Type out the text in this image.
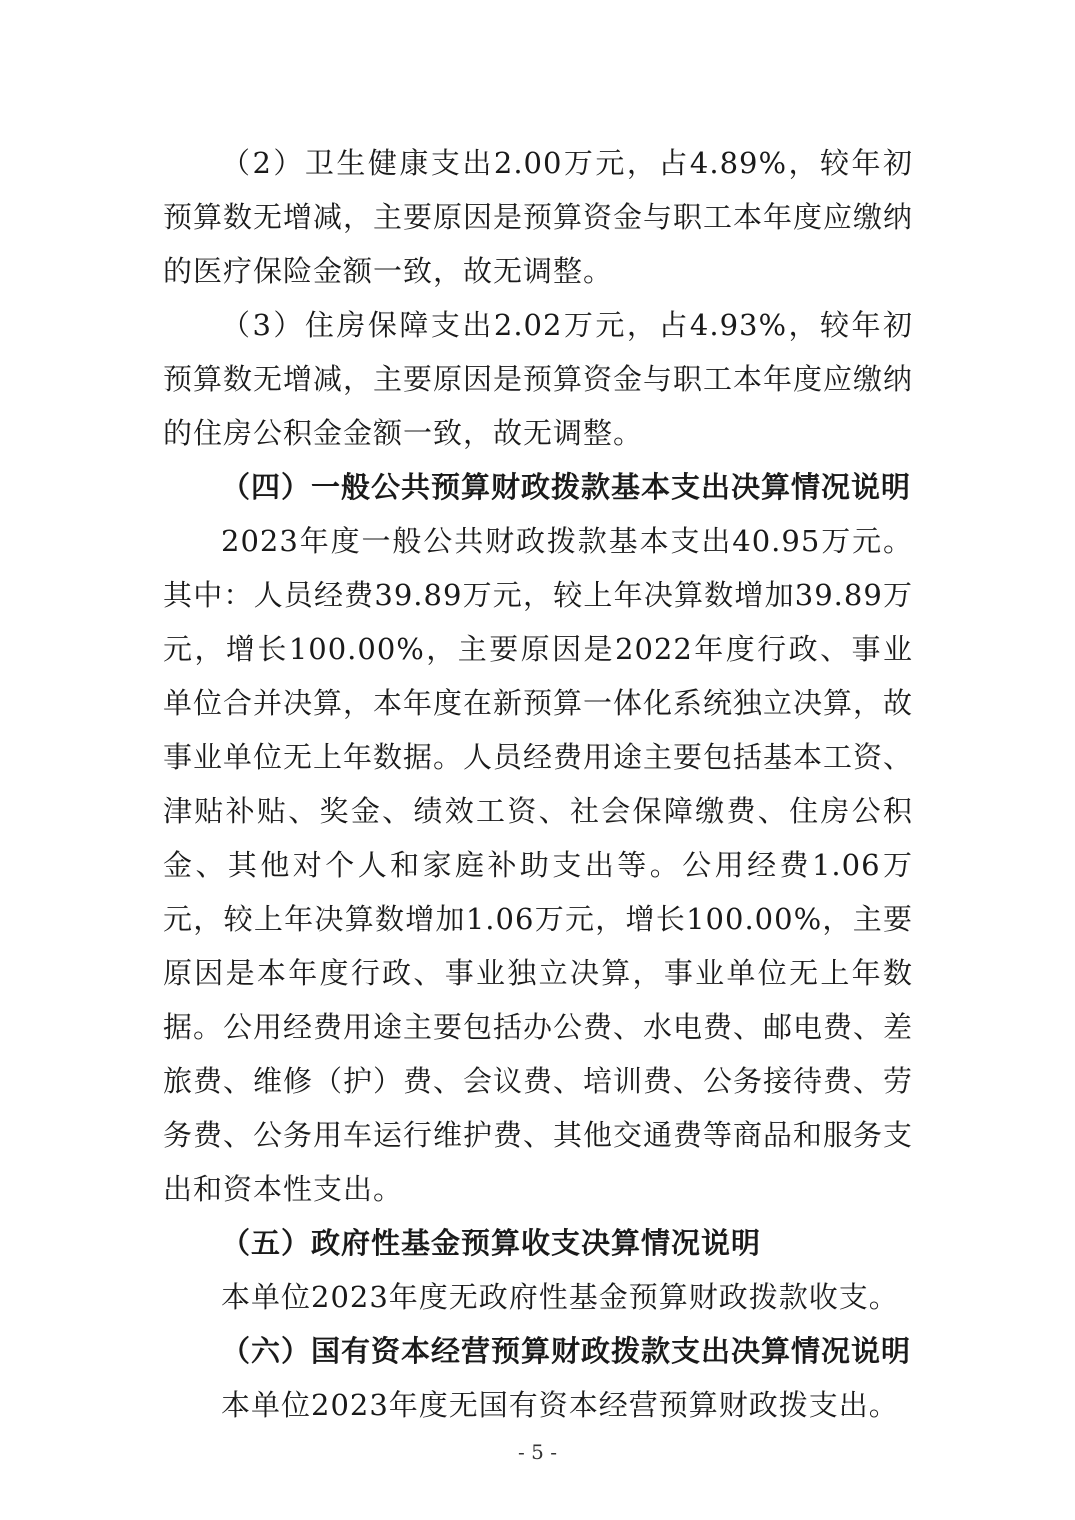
（2）卫生健康支出2.00万元，占4.89%，较年初预算数无增减，主要原因是预算资金与职工本年度应缴纳的医疗保险金额一致，故无调整。

（3）住房保障支出2.02万元，占4.93%，较年初预算数无增减，主要原因是预算资金与职工本年度应缴纳的住房公积金金额一致，故无调整。

（四）一般公共预算财政拨款基本支出决算情况说明

2023年度一般公共财政拨款基本支出40.95万元。其中：人员经费39.89万元，较上年决算数增加39.89万元，增长100.00%，主要原因是2022年度行政、事业单位合并决算，本年度在新预算一体化系统独立决算，故事业单位无上年数据。人员经费用途主要包括基本工资、津贴补贴、奖金、绩效工资、社会保障缴费、住房公积金、其他对个人和家庭补助支出等。公用经费1.06万元，较上年决算数增加1.06万元，增长100.00%，主要原因是本年度行政、事业独立决算，事业单位无上年数据。公用经费用途主要包括办公费、水电费、邮电费、差旅费、维修（护）费、会议费、培训费、公务接待费、劳务费、公务用车运行维护费、其他交通费等商品和服务支出和资本性支出。

（五）政府性基金预算收支决算情况说明

本单位2023年度无政府性基金预算财政拨款收支。

（六）国有资本经营预算财政拨款支出决算情况说明

本单位2023年度无国有资本经营预算财政拨支出。

- 5 -
